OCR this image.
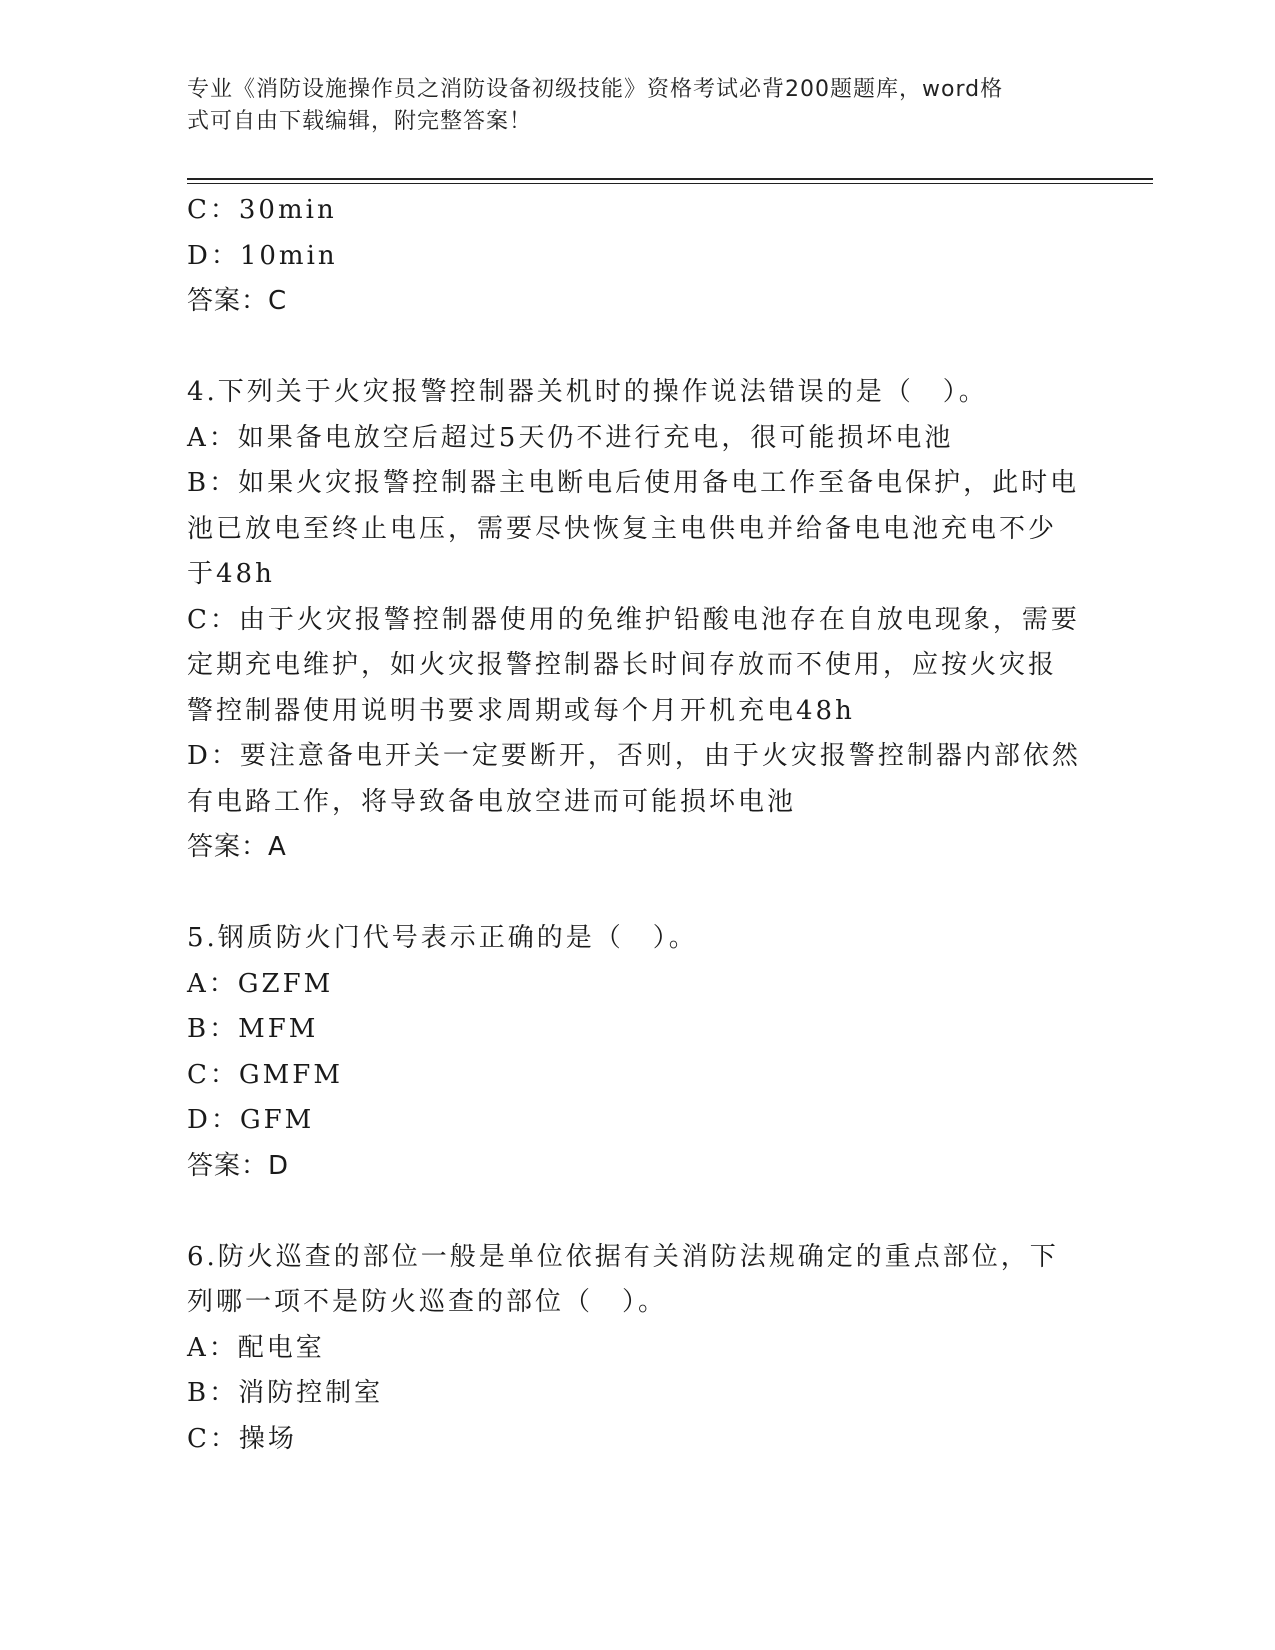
专业《消防设施操作员之消防设备初级技能》资格考试必背200题题库，word格
式可自由下载编辑，附完整答案！
C：30min
D：10min
答案：C
4.下列关于火灾报警控制器关机时的操作说法错误的是（　）。
A：如果备电放空后超过5天仍不进行充电，很可能损坏电池
B：如果火灾报警控制器主电断电后使用备电工作至备电保护，此时电
池已放电至终止电压，需要尽快恢复主电供电并给备电电池充电不少
于48h
C：由于火灾报警控制器使用的免维护铅酸电池存在自放电现象，需要
定期充电维护，如火灾报警控制器长时间存放而不使用，应按火灾报
警控制器使用说明书要求周期或每个月开机充电48h
D：要注意备电开关一定要断开，否则，由于火灾报警控制器内部依然
有电路工作，将导致备电放空进而可能损坏电池
答案：A
5.钢质防火门代号表示正确的是（　）。
A：GZFM
B：MFM
C：GMFM
D：GFM
答案：D
6.防火巡查的部位一般是单位依据有关消防法规确定的重点部位，下
列哪一项不是防火巡查的部位（　）。
A：配电室
B：消防控制室
C：操场
